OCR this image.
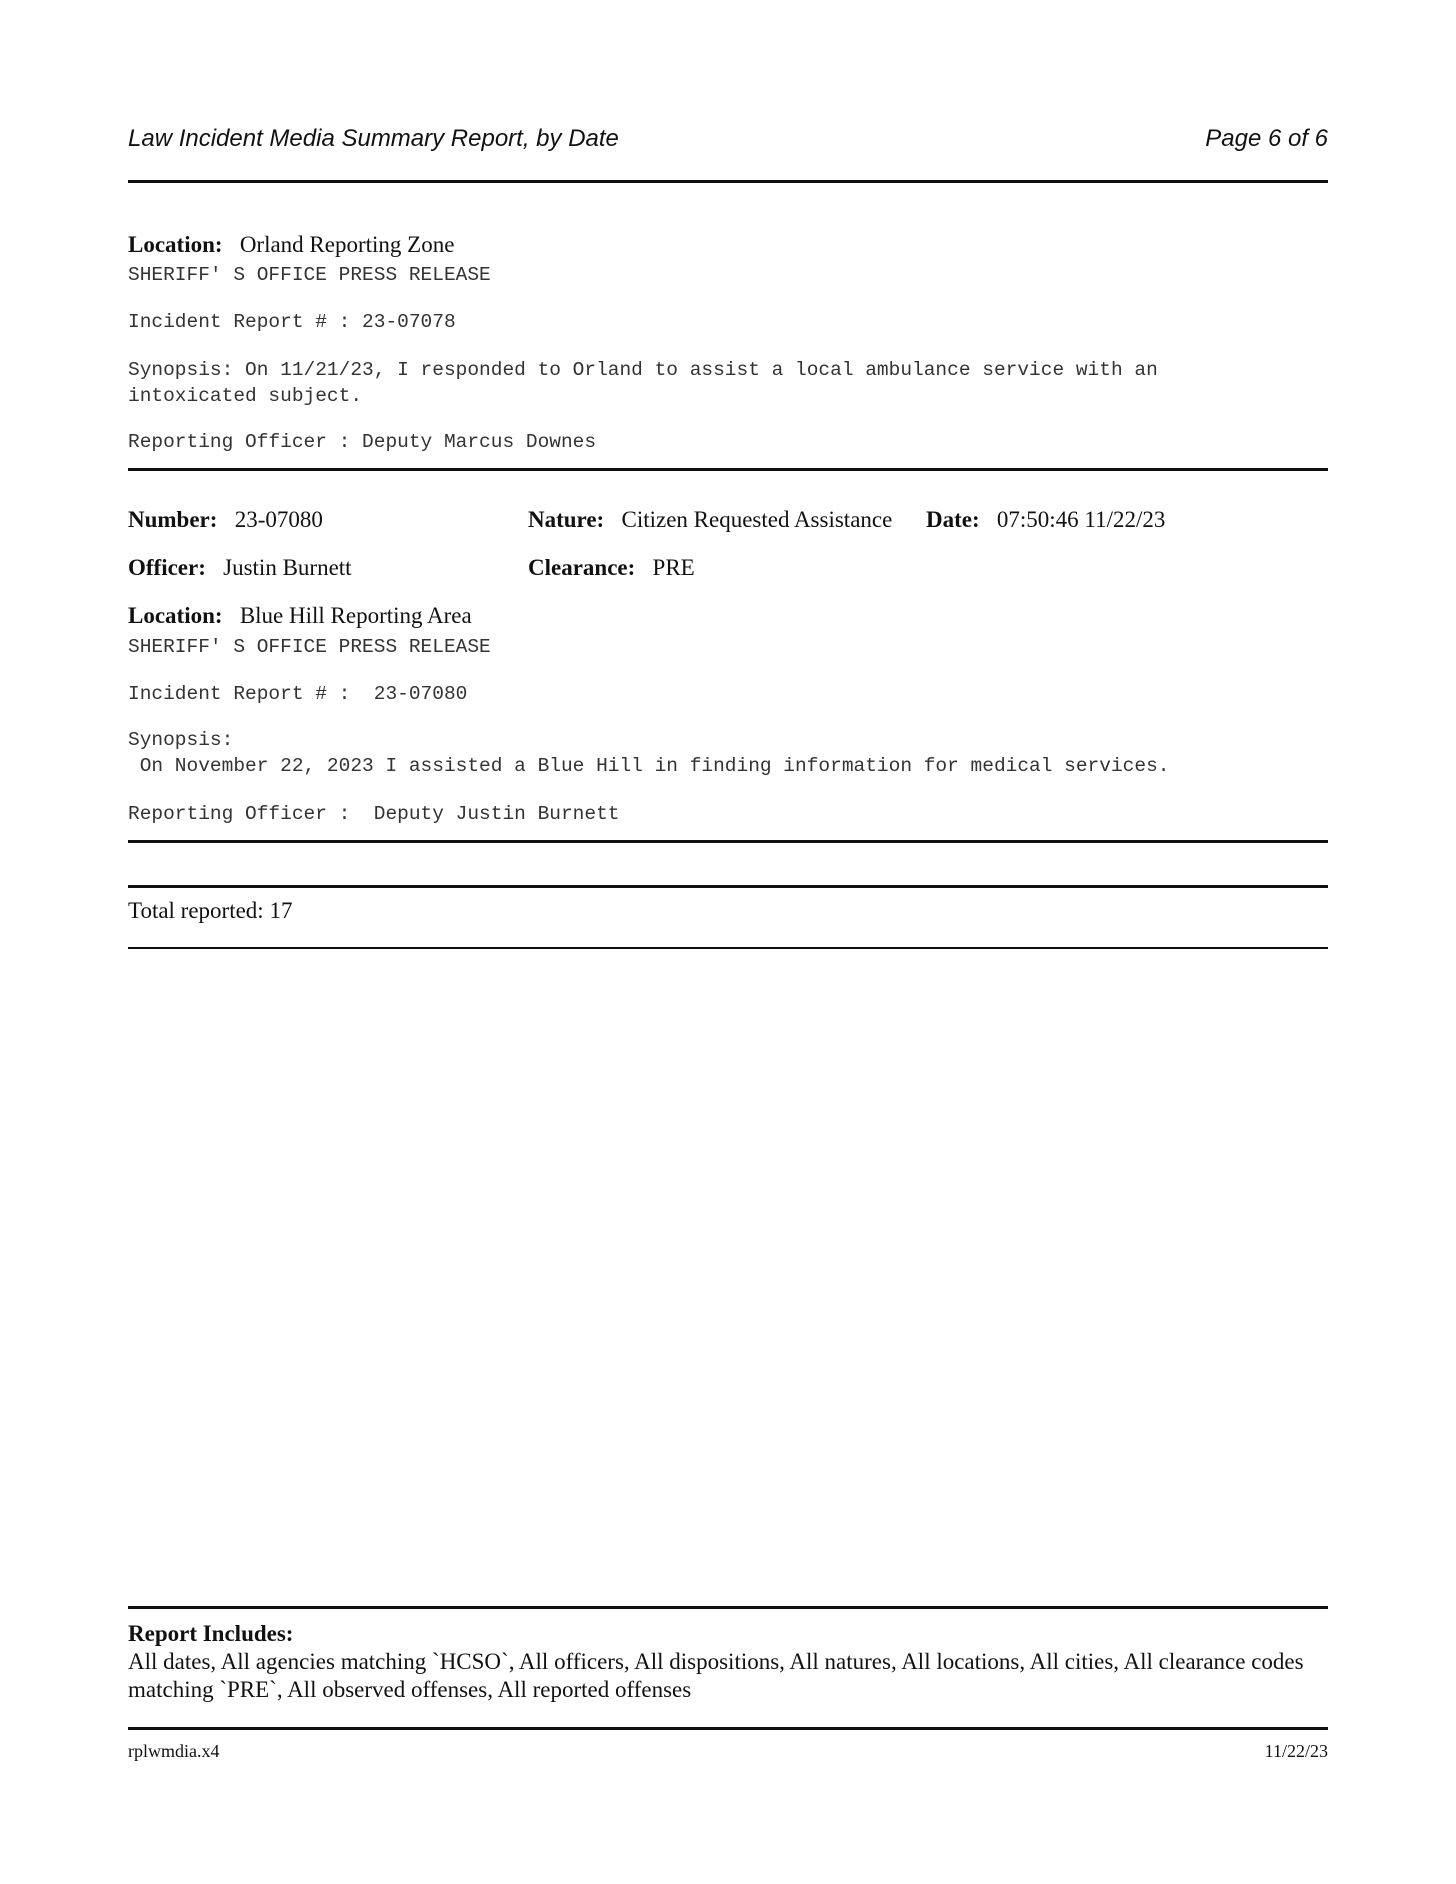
Law Incident Media Summary Report, by Date	Page 6 of 6
Location: Orland Reporting Zone
SHERIFF' S OFFICE PRESS RELEASE
Incident Report # : 23-07078
Synopsis: On 11/21/23, I responded to Orland to assist a local ambulance service with an
intoxicated subject.
Reporting Officer : Deputy Marcus Downes
Number: 23-07080	Nature: Citizen Requested Assistance Date: 07:50:46 11/22/23
Officer: Justin Burnett	Clearance: PRE
Location: Blue Hill Reporting Area
SHERIFF' S OFFICE PRESS RELEASE
Incident Report # :  23-07080
Synopsis:
On November 22, 2023 I assisted a Blue Hill in finding information for medical services.
Reporting Officer :  Deputy Justin Burnett
Total reported: 17
Report Includes:
All dates, All agencies matching `HCSO`, All officers, All dispositions, All natures, All locations, All cities, All clearance codes matching `PRE`, All observed offenses, All reported offenses
rplwmdia.x4	11/22/23
